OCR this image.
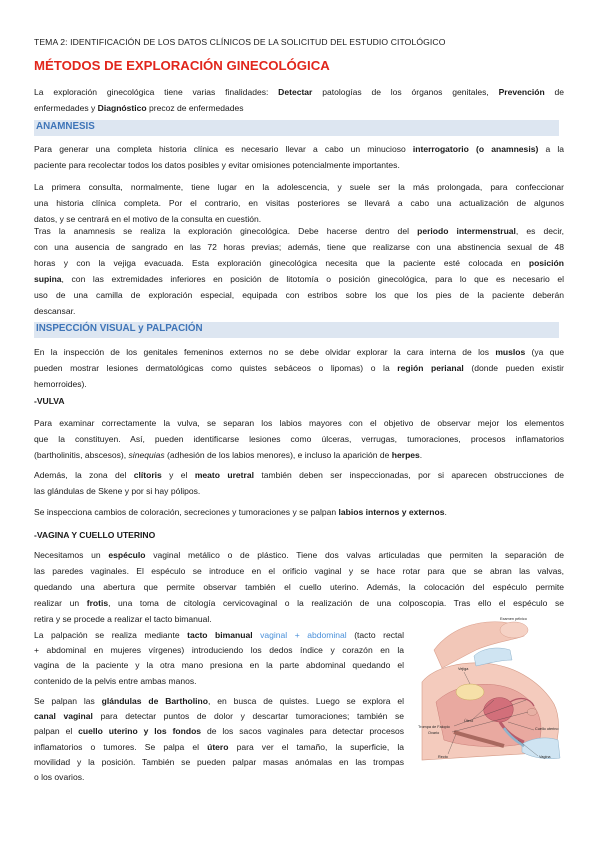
TEMA 2: IDENTIFICACIÓN DE LOS DATOS CLÍNICOS DE LA SOLICITUD DEL ESTUDIO CITOLÓGICO
MÉTODOS DE EXPLORACIÓN GINECOLÓGICA
La exploración ginecológica tiene varias finalidades: Detectar patologías de los órganos genitales, Prevención de
enfermedades y Diagnóstico precoz de enfermedades
ANAMNESIS
Para generar una completa historia clínica es necesario llevar a cabo un minucioso interrogatorio (o anamnesis) a la
paciente para recolectar todos los datos posibles y evitar omisiones potencialmente importantes.
La primera consulta, normalmente, tiene lugar en la adolescencia, y suele ser la más prolongada, para confeccionar
una historia clínica completa. Por el contrario, en visitas posteriores se llevará a cabo una actualización de algunos
datos, y se centrará en el motivo de la consulta en cuestión.
Tras la anamnesis se realiza la exploración ginecológica. Debe hacerse dentro del periodo intermenstrual, es decir,
con una ausencia de sangrado en las 72 horas previas; además, tiene que realizarse con una abstinencia sexual de 48
horas y con la vejiga evacuada. Esta exploración ginecológica necesita que la paciente esté colocada en posición
supina, con las extremidades inferiores en posición de litotomía o posición ginecológica, para lo que es necesario el
uso de una camilla de exploración especial, equipada con estribos sobre los que los pies de la paciente deberán
descansar.
INSPECCIÓN VISUAL y PALPACIÓN
En la inspección de los genitales femeninos externos no se debe olvidar explorar la cara interna de los muslos (ya que
pueden mostrar lesiones dermatológicas como quistes sebáceos o lipomas) o la región perianal (donde pueden existir
hemorroides).
-VULVA
Para examinar correctamente la vulva, se separan los labios mayores con el objetivo de observar mejor los elementos
que la constituyen. Así, pueden identificarse lesiones como úlceras, verrugas, tumoraciones, procesos inflamatorios
(bartholinitis, abscesos), sinequias (adhesión de los labios menores), e incluso la aparición de herpes.
Además, la zona del clítoris y el meato uretral también deben ser inspeccionadas, por si aparecen obstrucciones de
las glándulas de Skene y por si hay pólipos.
Se inspecciona cambios de coloración, secreciones y tumoraciones y se palpan labios internos y externos.
-VAGINA Y CUELLO UTERINO
Necesitamos un espéculo vaginal metálico o de plástico. Tiene dos valvas articuladas que permiten la separación de
las paredes vaginales. El espéculo se introduce en el orificio vaginal y se hace rotar para que se abran las valvas,
quedando una abertura que permite observar también el cuello uterino. Además, la colocación del espéculo permite
realizar un frotis, una toma de citología cervicovaginal o la realización de una colposcopia. Tras ello el espéculo se
retira y se procede a realizar el tacto bimanual.
La palpación se realiza mediante tacto bimanual vaginal + abdominal (tacto rectal
+ abdominal en mujeres vírgenes) introduciendo los dedos índice y corazón en la
vagina de la paciente y la otra mano presiona en la parte abdominal quedando el
contenido de la pelvis entre ambas manos.
Se palpan las glándulas de Bartholino, en busca de quistes. Luego se explora el
canal vaginal para detectar puntos de dolor y descartar tumoraciones; también se
palpan el cuello uterino y los fondos de los sacos vaginales para detectar procesos
inflamatorios o tumores. Se palpa el útero para ver el tamaño, la superficie, la
movilidad y la posición. También se pueden palpar masas anómalas en las trompas
o los ovarios.
Examen pélvico
Vejiga
Útero
Trompa de Falopio
Ovario
Recto
Cuello uterino
Vagina
